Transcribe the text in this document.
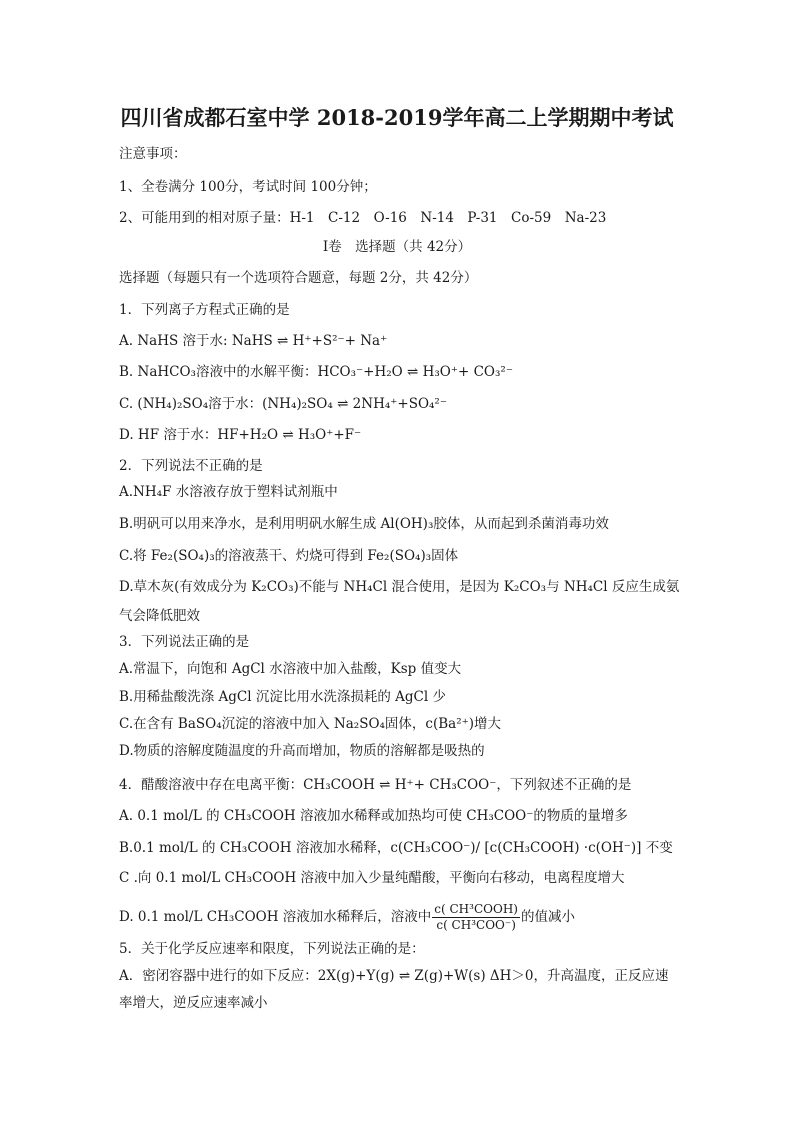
四川省成都石室中学 2018-2019学年高二上学期期中考试
注意事项：
1、全卷满分 100分，考试时间 100分钟；
2、可能用到的相对原子量：H-1　C-12　O-16　N-14　P-31　Co-59　Na-23
Ⅰ卷　选择题（共 42分）
选择题（每题只有一个选项符合题意，每题 2分，共 42分）
1．下列离子方程式正确的是
A. NaHS 溶于水: NaHS ⇌ H⁺+S²⁻+ Na⁺
B. NaHCO₃溶液中的水解平衡：HCO₃⁻+H₂O ⇌ H₃O⁺+ CO₃²⁻
C. (NH₄)₂SO₄溶于水：(NH₄)₂SO₄ ⇌ 2NH₄⁺+SO₄²⁻
D. HF 溶于水：HF+H₂O ⇌ H₃O⁺+F⁻
2．下列说法不正确的是
A.NH₄F 水溶液存放于塑料试剂瓶中
B.明矾可以用来净水，是利用明矾水解生成 Al(OH)₃胶体，从而起到杀菌消毒功效
C.将 Fe₂(SO₄)₃的溶液蒸干、灼烧可得到 Fe₂(SO₄)₃固体
D.草木灰(有效成分为 K₂CO₃)不能与 NH₄Cl 混合使用，是因为 K₂CO₃与 NH₄Cl 反应生成氨
气会降低肥效
3．下列说法正确的是
A.常温下，向饱和 AgCl 水溶液中加入盐酸，Ksp 值变大
B.用稀盐酸洗涤 AgCl 沉淀比用水洗涤损耗的 AgCl 少
C.在含有 BaSO₄沉淀的溶液中加入 Na₂SO₄固体，c(Ba²⁺)增大
D.物质的溶解度随温度的升高而增加，物质的溶解都是吸热的
4．醋酸溶液中存在电离平衡：CH₃COOH ⇌ H⁺+ CH₃COO⁻，下列叙述不正确的是
A. 0.1 mol/L 的 CH₃COOH 溶液加水稀释或加热均可使 CH₃COO⁻的物质的量增多
B.0.1 mol/L 的 CH₃COOH 溶液加水稀释，c(CH₃COO⁻)/ [c(CH₃COOH) ·c(OH⁻)] 不变
C .向 0.1 mol/L CH₃COOH 溶液中加入少量纯醋酸，平衡向右移动，电离程度增大
D. 0.1 mol/L CH₃COOH 溶液加水稀释后，溶液中 $\frac{\text{c( CH³COOH)}}{\text{c( CH³COO⁻)}}$ 的值减小
5．关于化学反应速率和限度，下列说法正确的是：
A．密闭容器中进行的如下反应：2X(g)+Y(g) ⇌ Z(g)+W(s) ΔH＞0，升高温度，正反应速
率增大，逆反应速率减小
